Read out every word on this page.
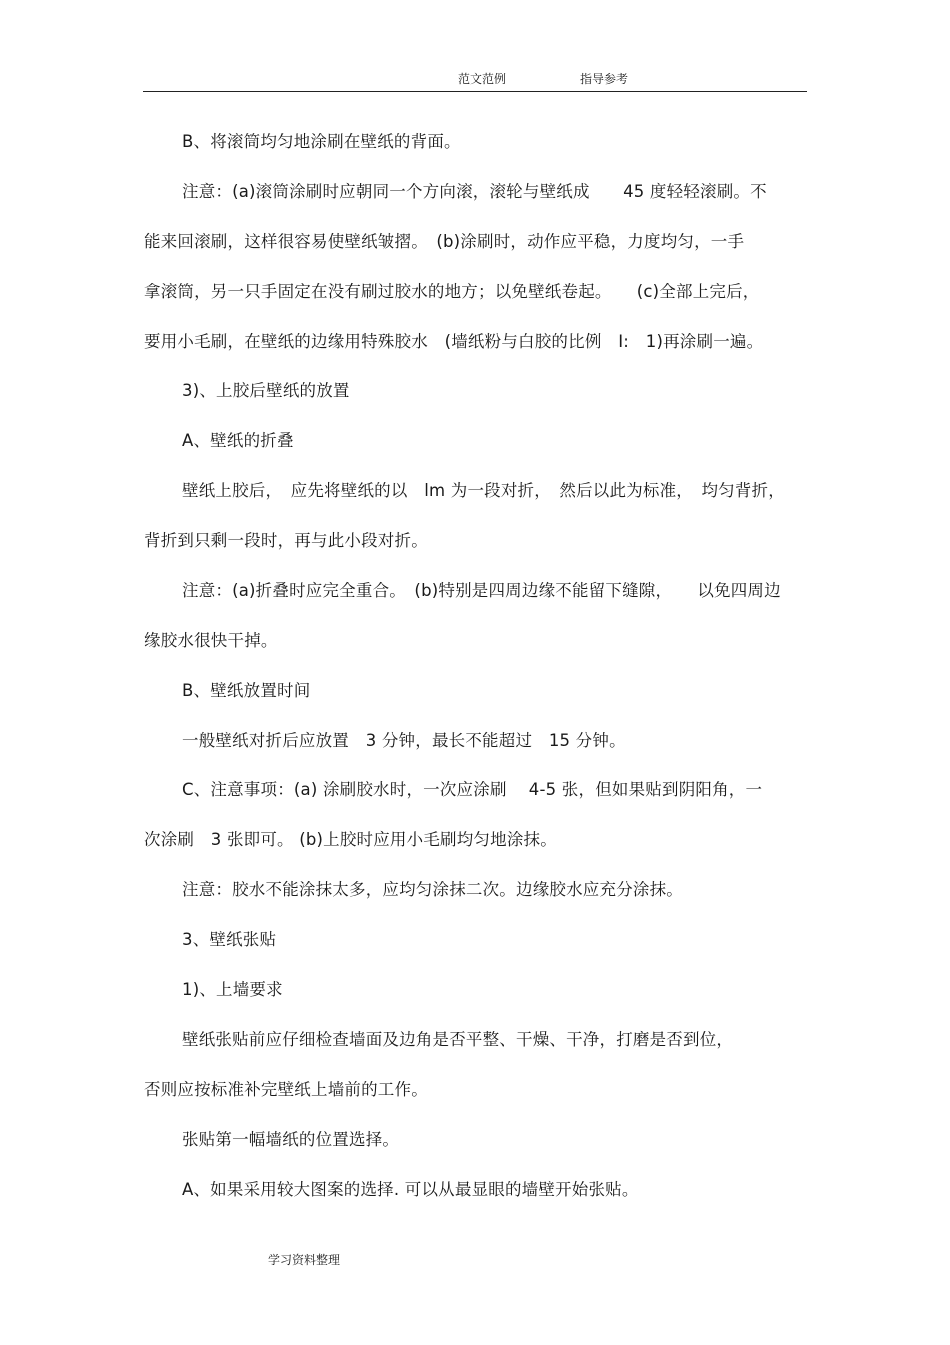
范文范例	指导参考
B、将滚筒均匀地涂刷在壁纸的背面。
注意：(a)滚筒涂刷时应朝同一个方向滚，滚轮与壁纸成　　45 度轻轻滚刷。不
能来回滚刷，这样很容易使壁纸皱摺。　(b)涂刷时，动作应平稳，力度均匀，一手
拿滚筒，另一只手固定在没有刷过胶水的地方；以免壁纸卷起。　　(c)全部上完后，
要用小毛刷，在壁纸的边缘用特殊胶水　(墙纸粉与白胶的比例　I:　1)再涂刷一遍。
3)、上胶后壁纸的放置
A、壁纸的折叠
壁纸上胶后，　应先将壁纸的以　lm 为一段对折，　然后以此为标准，　均匀背折，
背折到只剩一段时，再与此小段对折。
注意：(a)折叠时应完全重合。　(b)特别是四周边缘不能留下缝隙，　　以免四周边
缘胶水很快干掉。
B、壁纸放置时间
一般壁纸对折后应放置　3 分钟，最长不能超过　15 分钟。
C、注意事项：(a) 涂刷胶水时，一次应涂刷　 4-5 张，但如果贴到阴阳角，一
次涂刷　3 张即可。 (b)上胶时应用小毛刷均匀地涂抹。
注意：胶水不能涂抹太多，应均匀涂抹二次。边缘胶水应充分涂抹。
3、壁纸张贴
1)、上墙要求
壁纸张贴前应仔细检查墙面及边角是否平整、干燥、干净，打磨是否到位，
否则应按标准补完壁纸上墙前的工作。
张贴第一幅墙纸的位置选择。
A、如果采用较大图案的选择. 可以从最显眼的墙壁开始张贴。
学习资料整理
